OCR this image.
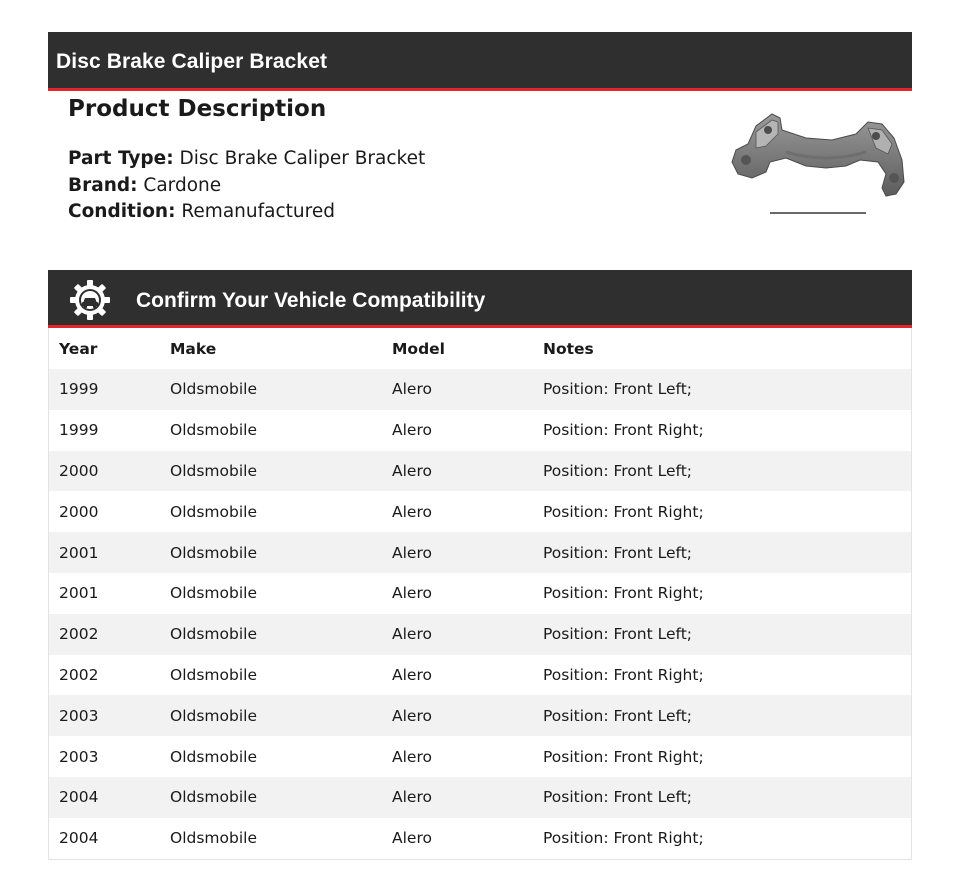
Disc Brake Caliper Bracket
Product Description
Part Type: Disc Brake Caliper Bracket
Brand: Cardone
Condition: Remanufactured
Confirm Your Vehicle Compatibility
Year	Make	Model	Notes
1999	Oldsmobile	Alero	Position: Front Left;
1999	Oldsmobile	Alero	Position: Front Right;
2000	Oldsmobile	Alero	Position: Front Left;
2000	Oldsmobile	Alero	Position: Front Right;
2001	Oldsmobile	Alero	Position: Front Left;
2001	Oldsmobile	Alero	Position: Front Right;
2002	Oldsmobile	Alero	Position: Front Left;
2002	Oldsmobile	Alero	Position: Front Right;
2003	Oldsmobile	Alero	Position: Front Left;
2003	Oldsmobile	Alero	Position: Front Right;
2004	Oldsmobile	Alero	Position: Front Left;
2004	Oldsmobile	Alero	Position: Front Right;
